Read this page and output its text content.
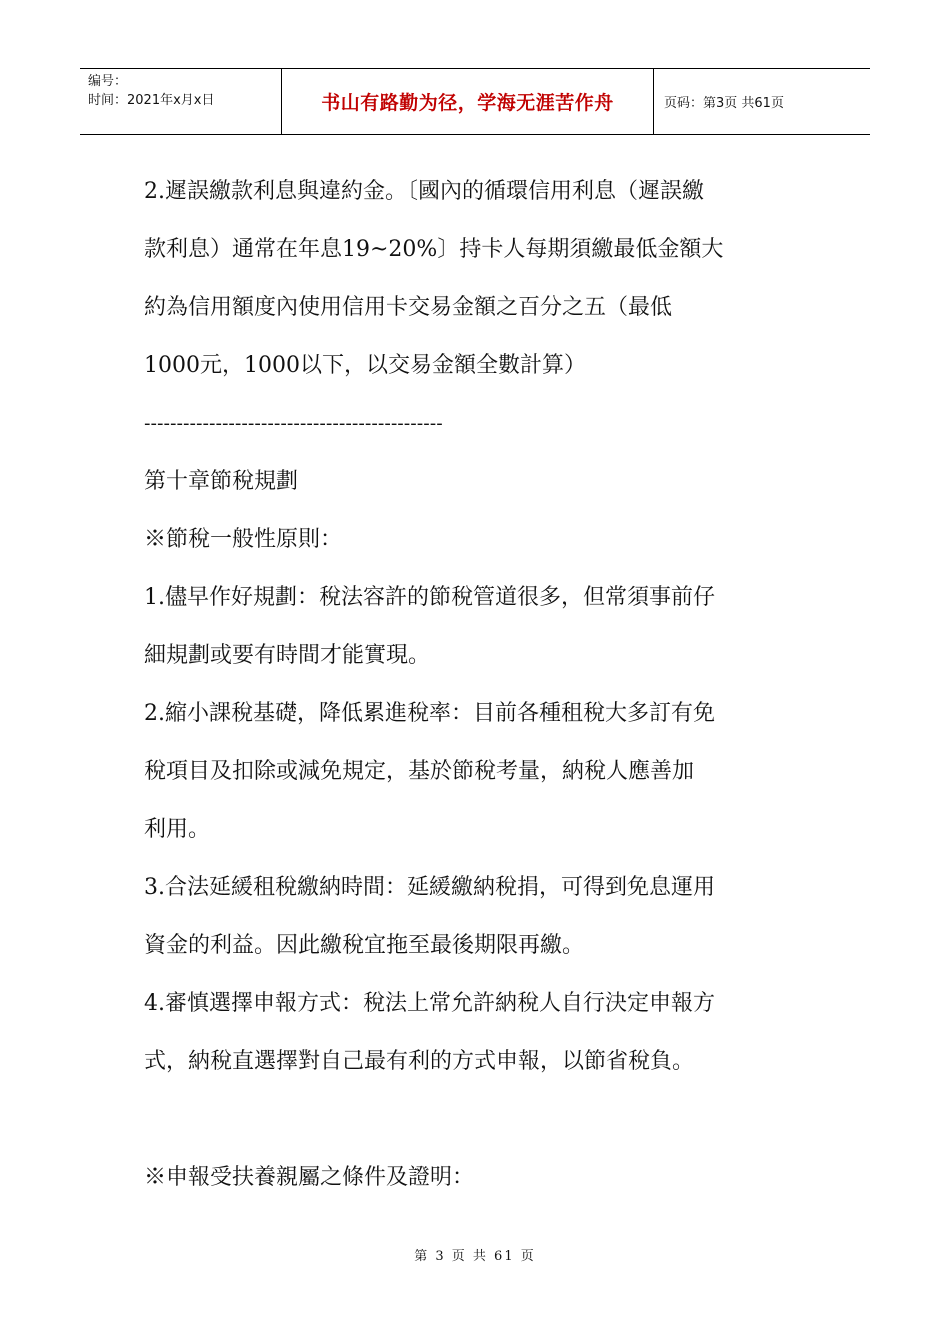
编号：
时间：2021年x月x日	书山有路勤为径，学海无涯苦作舟	页码：第3页 共61页
2.遲誤繳款利息與違約金。〔國內的循環信用利息（遲誤繳
款利息）通常在年息19~20%〕持卡人每期須繳最低金額大
約為信用額度內使用信用卡交易金額之百分之五（最低
1000元，1000以下，以交易金額全數計算）
----------------------------------------------
第十章節稅規劃
※節稅一般性原則：
1.儘早作好規劃：稅法容許的節稅管道很多，但常須事前仔
細規劃或要有時間才能實現。
2.縮小課稅基礎，降低累進稅率：目前各種租稅大多訂有免
稅項目及扣除或減免規定，基於節稅考量，納稅人應善加
利用。
3.合法延緩租稅繳納時間：延緩繳納稅捐，可得到免息運用
資金的利益。因此繳稅宜拖至最後期限再繳。
4.審慎選擇申報方式：稅法上常允許納稅人自行決定申報方
式，納稅直選擇對自己最有利的方式申報，以節省稅負。
※申報受扶養親屬之條件及證明：
第 3 页 共 61 页
